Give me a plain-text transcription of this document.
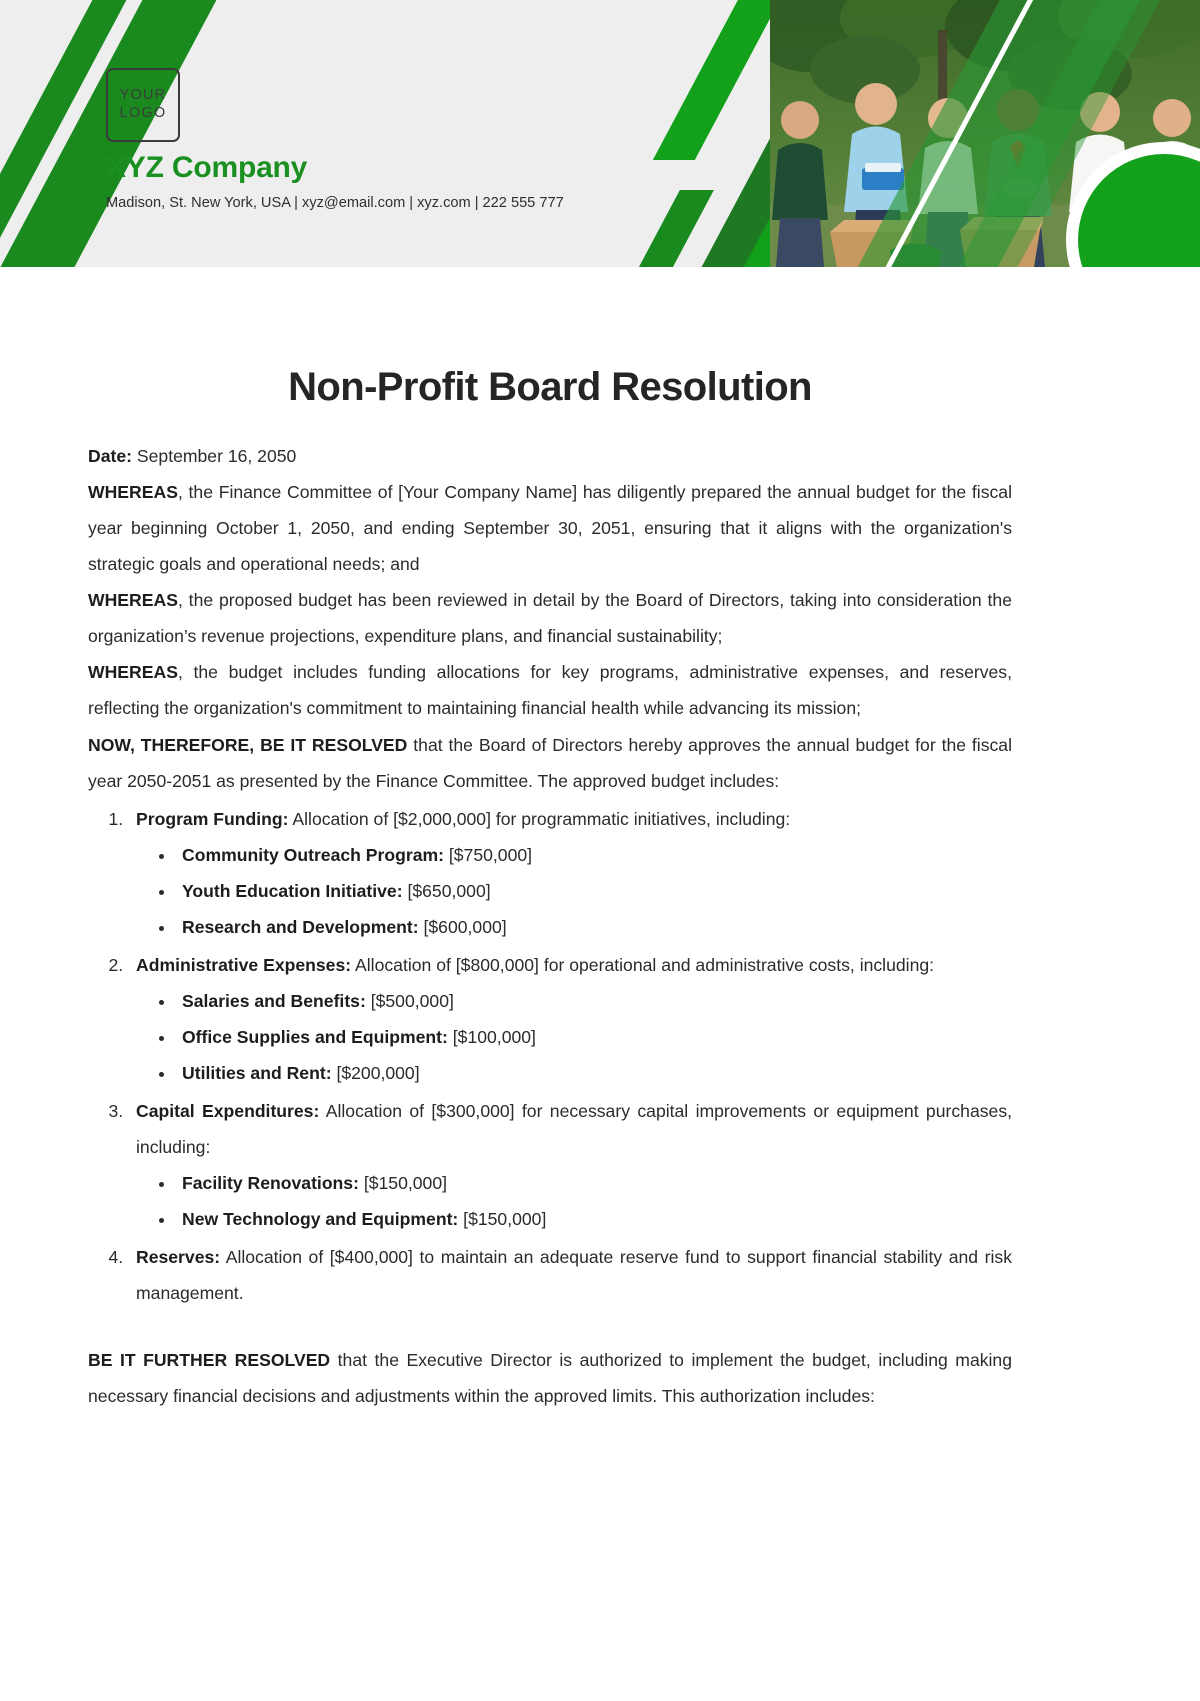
YOUR
LOGO
XYZ Company
Madison, St. New York, USA | xyz@email.com | xyz.com | 222 555 777
Non-Profit Board Resolution

Date: September 16, 2050

WHEREAS, the Finance Committee of [Your Company Name] has diligently prepared the annual budget for the fiscal year beginning October 1, 2050, and ending September 30, 2051, ensuring that it aligns with the organization's strategic goals and operational needs; and

WHEREAS, the proposed budget has been reviewed in detail by the Board of Directors, taking into consideration the organization’s revenue projections, expenditure plans, and financial sustainability;

WHEREAS, the budget includes funding allocations for key programs, administrative expenses, and reserves, reflecting the organization's commitment to maintaining financial health while advancing its mission;

NOW, THEREFORE, BE IT RESOLVED that the Board of Directors hereby approves the annual budget for the fiscal year 2050-2051 as presented by the Finance Committee. The approved budget includes:

1. Program Funding: Allocation of [$2,000,000] for programmatic initiatives, including:
• Community Outreach Program: [$750,000]
• Youth Education Initiative: [$650,000]
• Research and Development: [$600,000]
2. Administrative Expenses: Allocation of [$800,000] for operational and administrative costs, including:
• Salaries and Benefits: [$500,000]
• Office Supplies and Equipment: [$100,000]
• Utilities and Rent: [$200,000]
3. Capital Expenditures: Allocation of [$300,000] for necessary capital improvements or equipment purchases, including:
• Facility Renovations: [$150,000]
• New Technology and Equipment: [$150,000]
4. Reserves: Allocation of [$400,000] to maintain an adequate reserve fund to support financial stability and risk management.

BE IT FURTHER RESOLVED that the Executive Director is authorized to implement the budget, including making necessary financial decisions and adjustments within the approved limits. This authorization includes:
